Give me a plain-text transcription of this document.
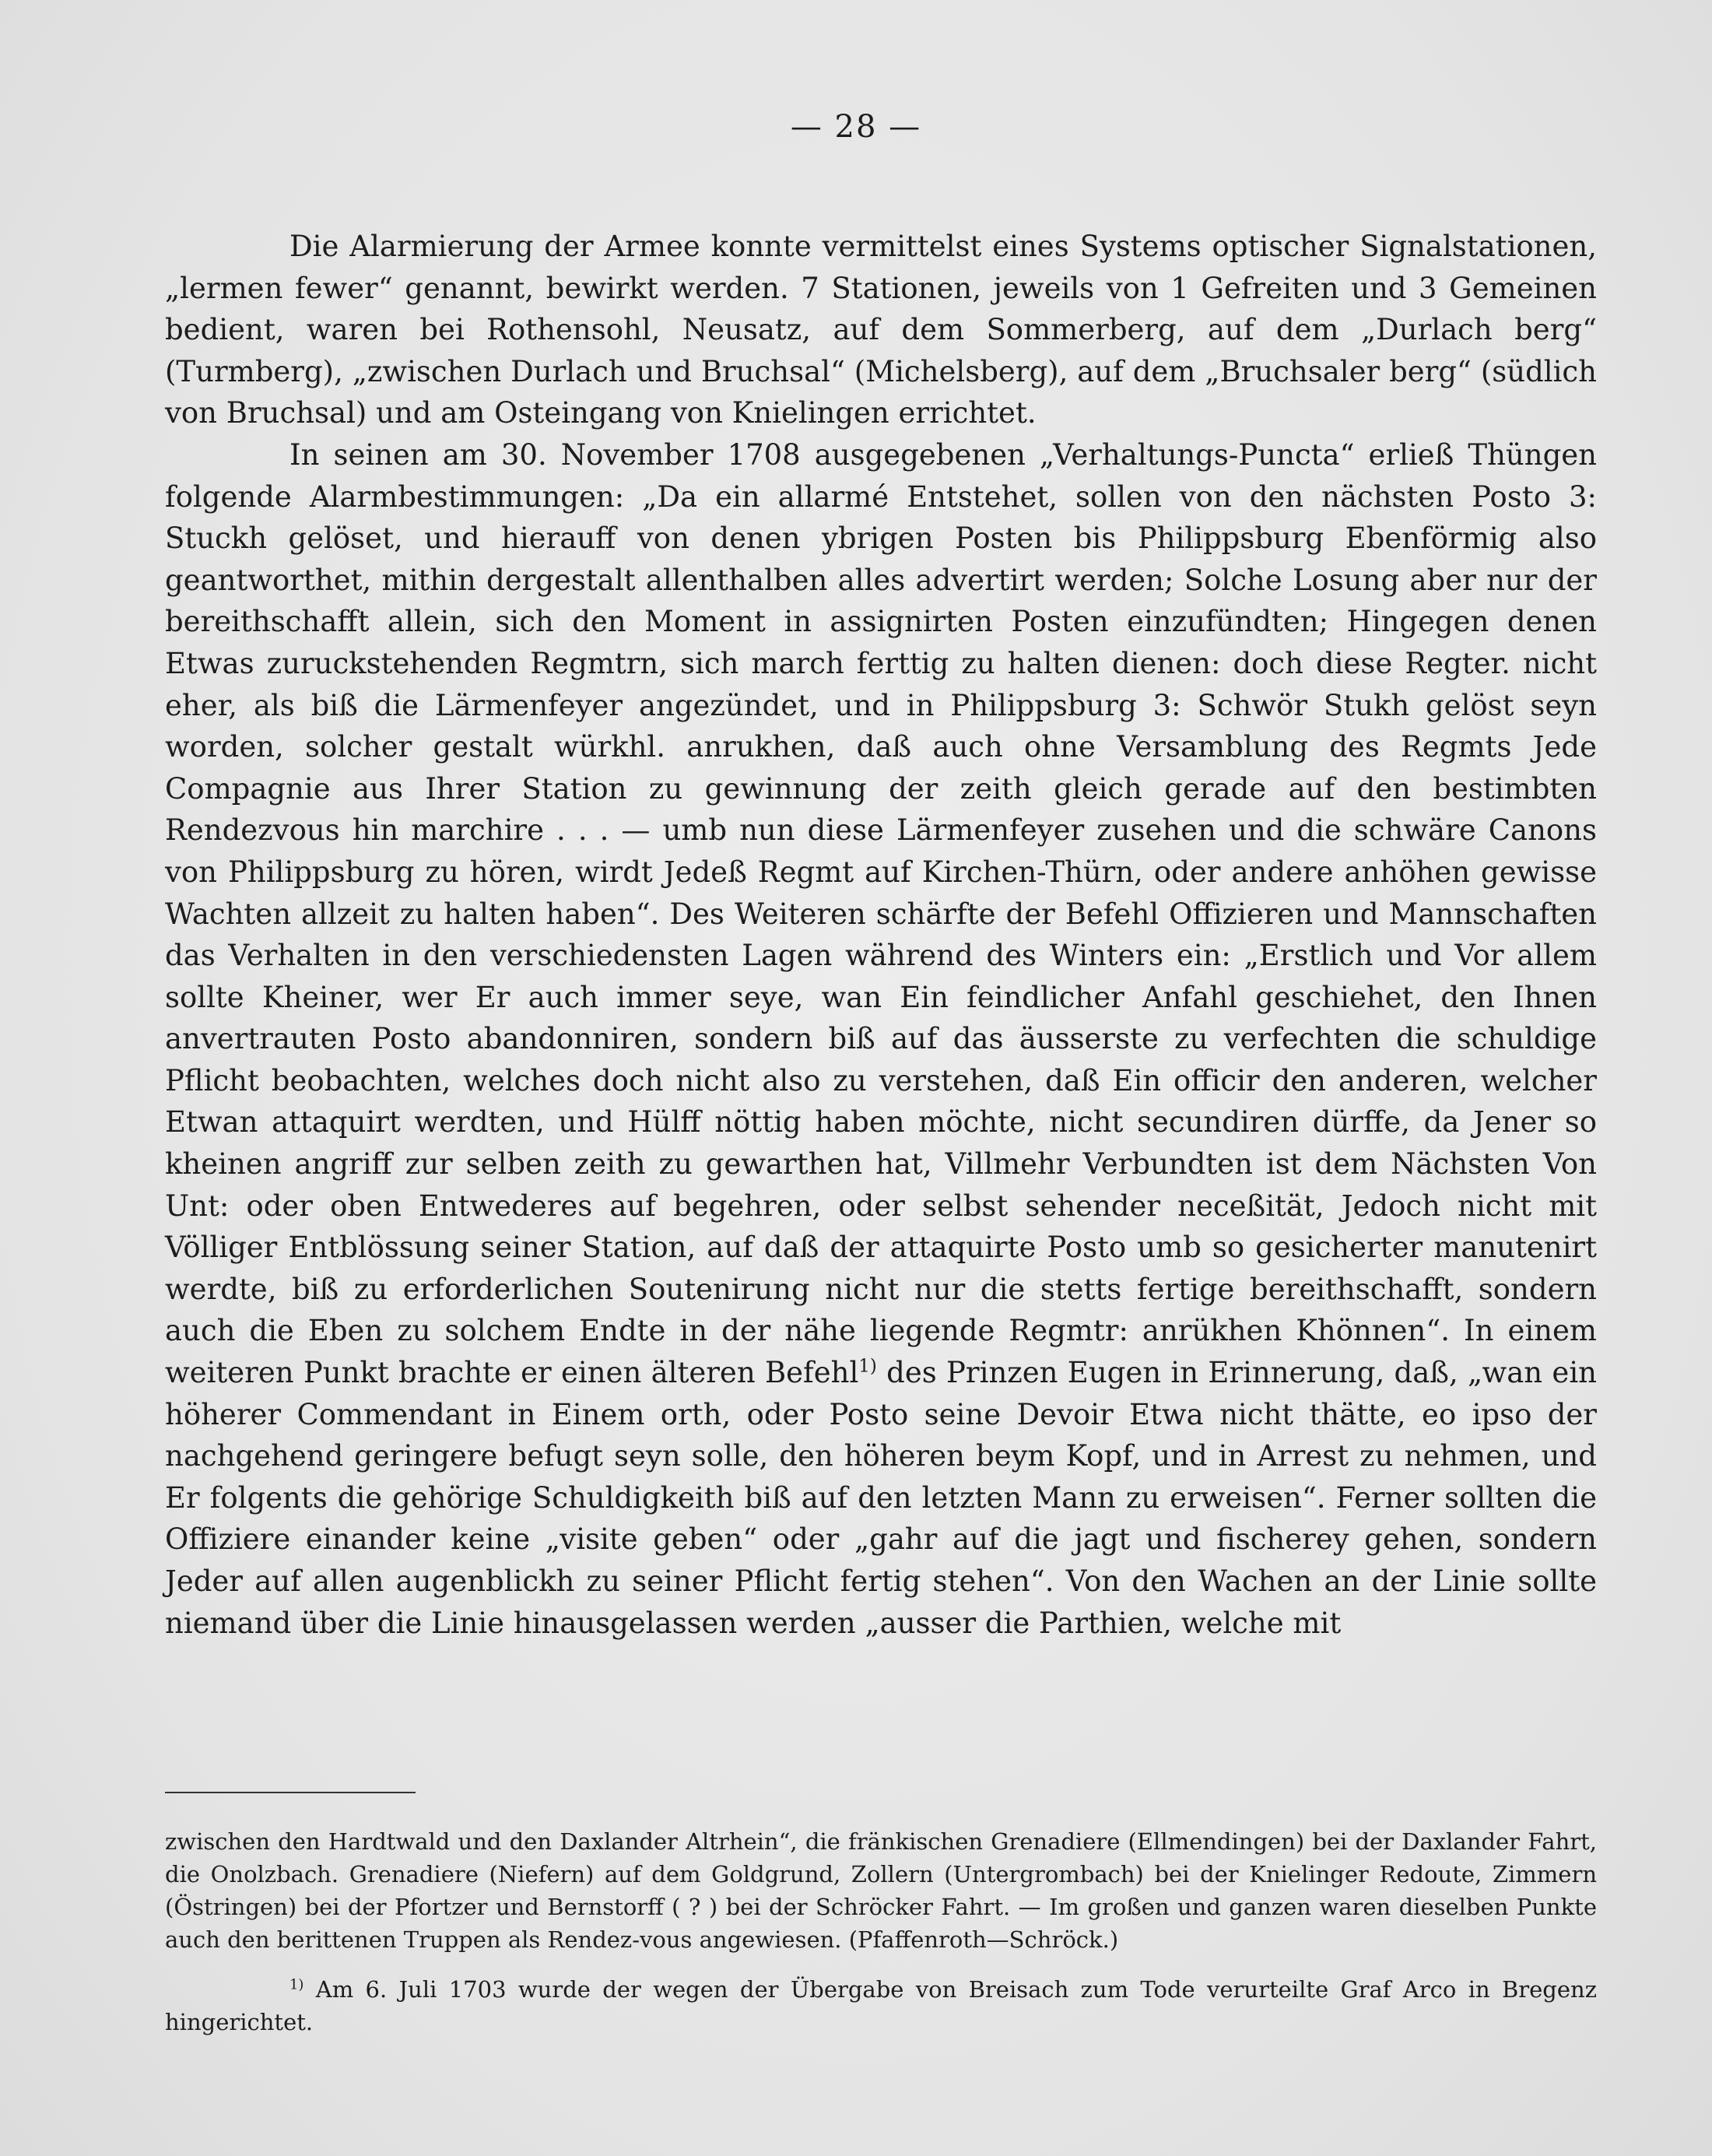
— 28 —

Die Alarmierung der Armee konnte vermittelst eines Systems optischer Signalstationen, „lermen fewer“ genannt, bewirkt werden. 7 Stationen, jeweils von 1 Gefreiten und 3 Gemeinen bedient, waren bei Rothensohl, Neusatz, auf dem Sommerberg, auf dem „Durlach berg“ (Turmberg), „zwischen Durlach und Bruchsal“ (Michelsberg), auf dem „Bruchsaler berg“ (südlich von Bruchsal) und am Osteingang von Knielingen errichtet.

In seinen am 30. November 1708 ausgegebenen „Verhaltungs-Puncta“ erließ Thüngen folgende Alarmbestimmungen: „Da ein allarmé Entstehet, sollen von den nächsten Posto 3: Stuckh gelöset, und hierauff von denen ybrigen Posten bis Philippsburg Ebenförmig also geantworthet, mithin dergestalt allenthalben alles advertirt werden; Solche Losung aber nur der bereithschafft allein, sich den Moment in assignirten Posten einzufündten; Hingegen denen Etwas zuruckstehenden Regmtrn, sich march ferttig zu halten dienen: doch diese Regter. nicht eher, als biß die Lärmenfeyer angezündet, und in Philippsburg 3: Schwör Stukh gelöst seyn worden, solcher gestalt würkhl. anrukhen, daß auch ohne Versamblung des Regmts Jede Compagnie aus Ihrer Station zu gewinnung der zeith gleich gerade auf den bestimbten Rendezvous hin marchire . . . — umb nun diese Lärmenfeyer zusehen und die schwäre Canons von Philippsburg zu hören, wirdt Jedeß Regmt auf Kirchen-Thürn, oder andere anhöhen gewisse Wachten allzeit zu halten haben“. Des Weiteren schärfte der Befehl Offizieren und Mannschaften das Verhalten in den verschiedensten Lagen während des Winters ein: „Erstlich und Vor allem sollte Kheiner, wer Er auch immer seye, wan Ein feindlicher Anfahl geschiehet, den Ihnen anvertrauten Posto abandonniren, sondern biß auf das äusserste zu verfechten die schuldige Pflicht beobachten, welches doch nicht also zu verstehen, daß Ein officir den anderen, welcher Etwan attaquirt werdten, und Hülff nöttig haben möchte, nicht secundiren dürffe, da Jener so kheinen angriff zur selben zeith zu gewarthen hat, Villmehr Verbundten ist dem Nächsten Von Unt: oder oben Entwederes auf begehren, oder selbst sehender neceßität, Jedoch nicht mit Völliger Entblössung seiner Station, auf daß der attaquirte Posto umb so gesicherter manutenirt werdte, biß zu erforderlichen Soutenirung nicht nur die stetts fertige bereithschafft, sondern auch die Eben zu solchem Endte in der nähe liegende Regmtr: anrükhen Khönnen“. In einem weiteren Punkt brachte er einen älteren Befehl$^{1)}$ des Prinzen Eugen in Erinnerung, daß, „wan ein höherer Commendant in Einem orth, oder Posto seine Devoir Etwa nicht thätte, eo ipso der nachgehend geringere befugt seyn solle, den höheren beym Kopf, und in Arrest zu nehmen, und Er folgents die gehörige Schuldigkeith biß auf den letzten Mann zu erweisen“. Ferner sollten die Offiziere einander keine „visite geben“ oder „gahr auf die jagt und fischerey gehen, sondern Jeder auf allen augenblickh zu seiner Pflicht fertig stehen“. Von den Wachen an der Linie sollte niemand über die Linie hinausgelassen werden „ausser die Parthien, welche mit

zwischen den Hardtwald und den Daxlander Altrhein“, die fränkischen Grenadiere (Ellmendingen) bei der Daxlander Fahrt, die Onolzbach. Grenadiere (Niefern) auf dem Goldgrund, Zollern (Untergrombach) bei der Knielinger Redoute, Zimmern (Östringen) bei der Pfortzer und Bernstorff ( ? ) bei der Schröcker Fahrt. — Im großen und ganzen waren dieselben Punkte auch den berittenen Truppen als Rendez-vous angewiesen. (Pfaffenroth—Schröck.)

$^{1)}$ Am 6. Juli 1703 wurde der wegen der Übergabe von Breisach zum Tode verurteilte Graf Arco in Bregenz hingerichtet.
